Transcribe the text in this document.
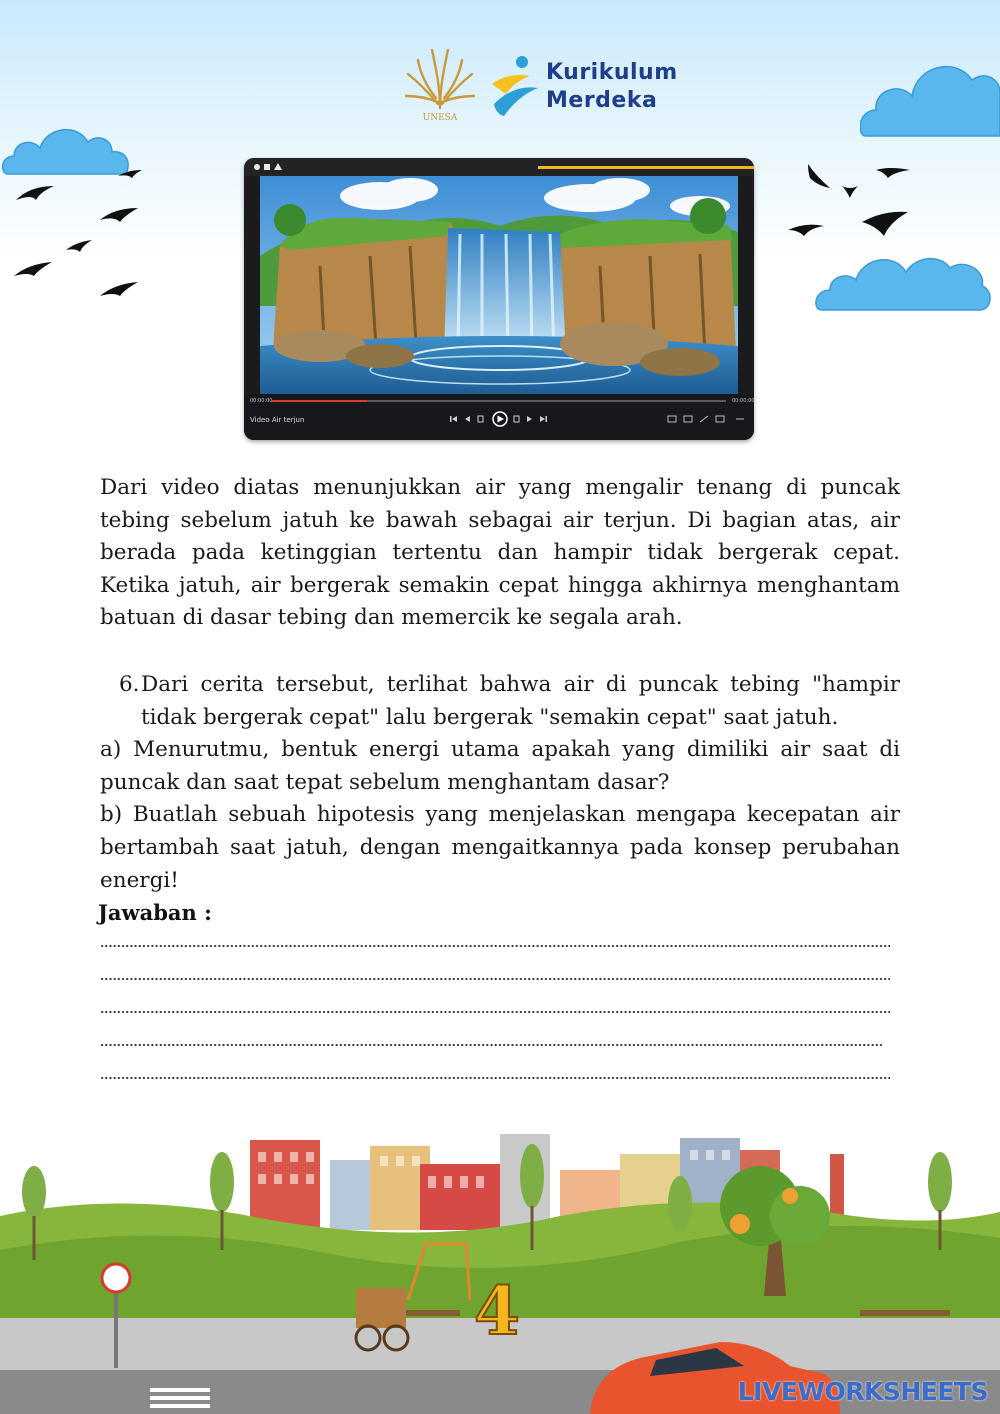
UNESA
Kurikulum
Merdeka
00:00:00	00:00:00
Video Air terjun

Dari video diatas menunjukkan air yang mengalir tenang di puncak tebing sebelum jatuh ke bawah sebagai air terjun. Di bagian atas, air berada pada ketinggian tertentu dan hampir tidak bergerak cepat. Ketika jatuh, air bergerak semakin cepat hingga akhirnya menghantam batuan di dasar tebing dan memercik ke segala arah.

6.Dari cerita tersebut, terlihat bahwa air di puncak tebing "hampir tidak bergerak cepat" lalu bergerak "semakin cepat" saat jatuh.
a) Menurutmu, bentuk energi utama apakah yang dimiliki air saat di puncak dan saat tepat sebelum menghantam dasar?
b) Buatlah sebuah hipotesis yang menjelaskan mengapa kecepatan air bertambah saat jatuh, dengan mengaitkannya pada konsep perubahan energi!
Jawaban :
4
LIVEWORKSHEETS
